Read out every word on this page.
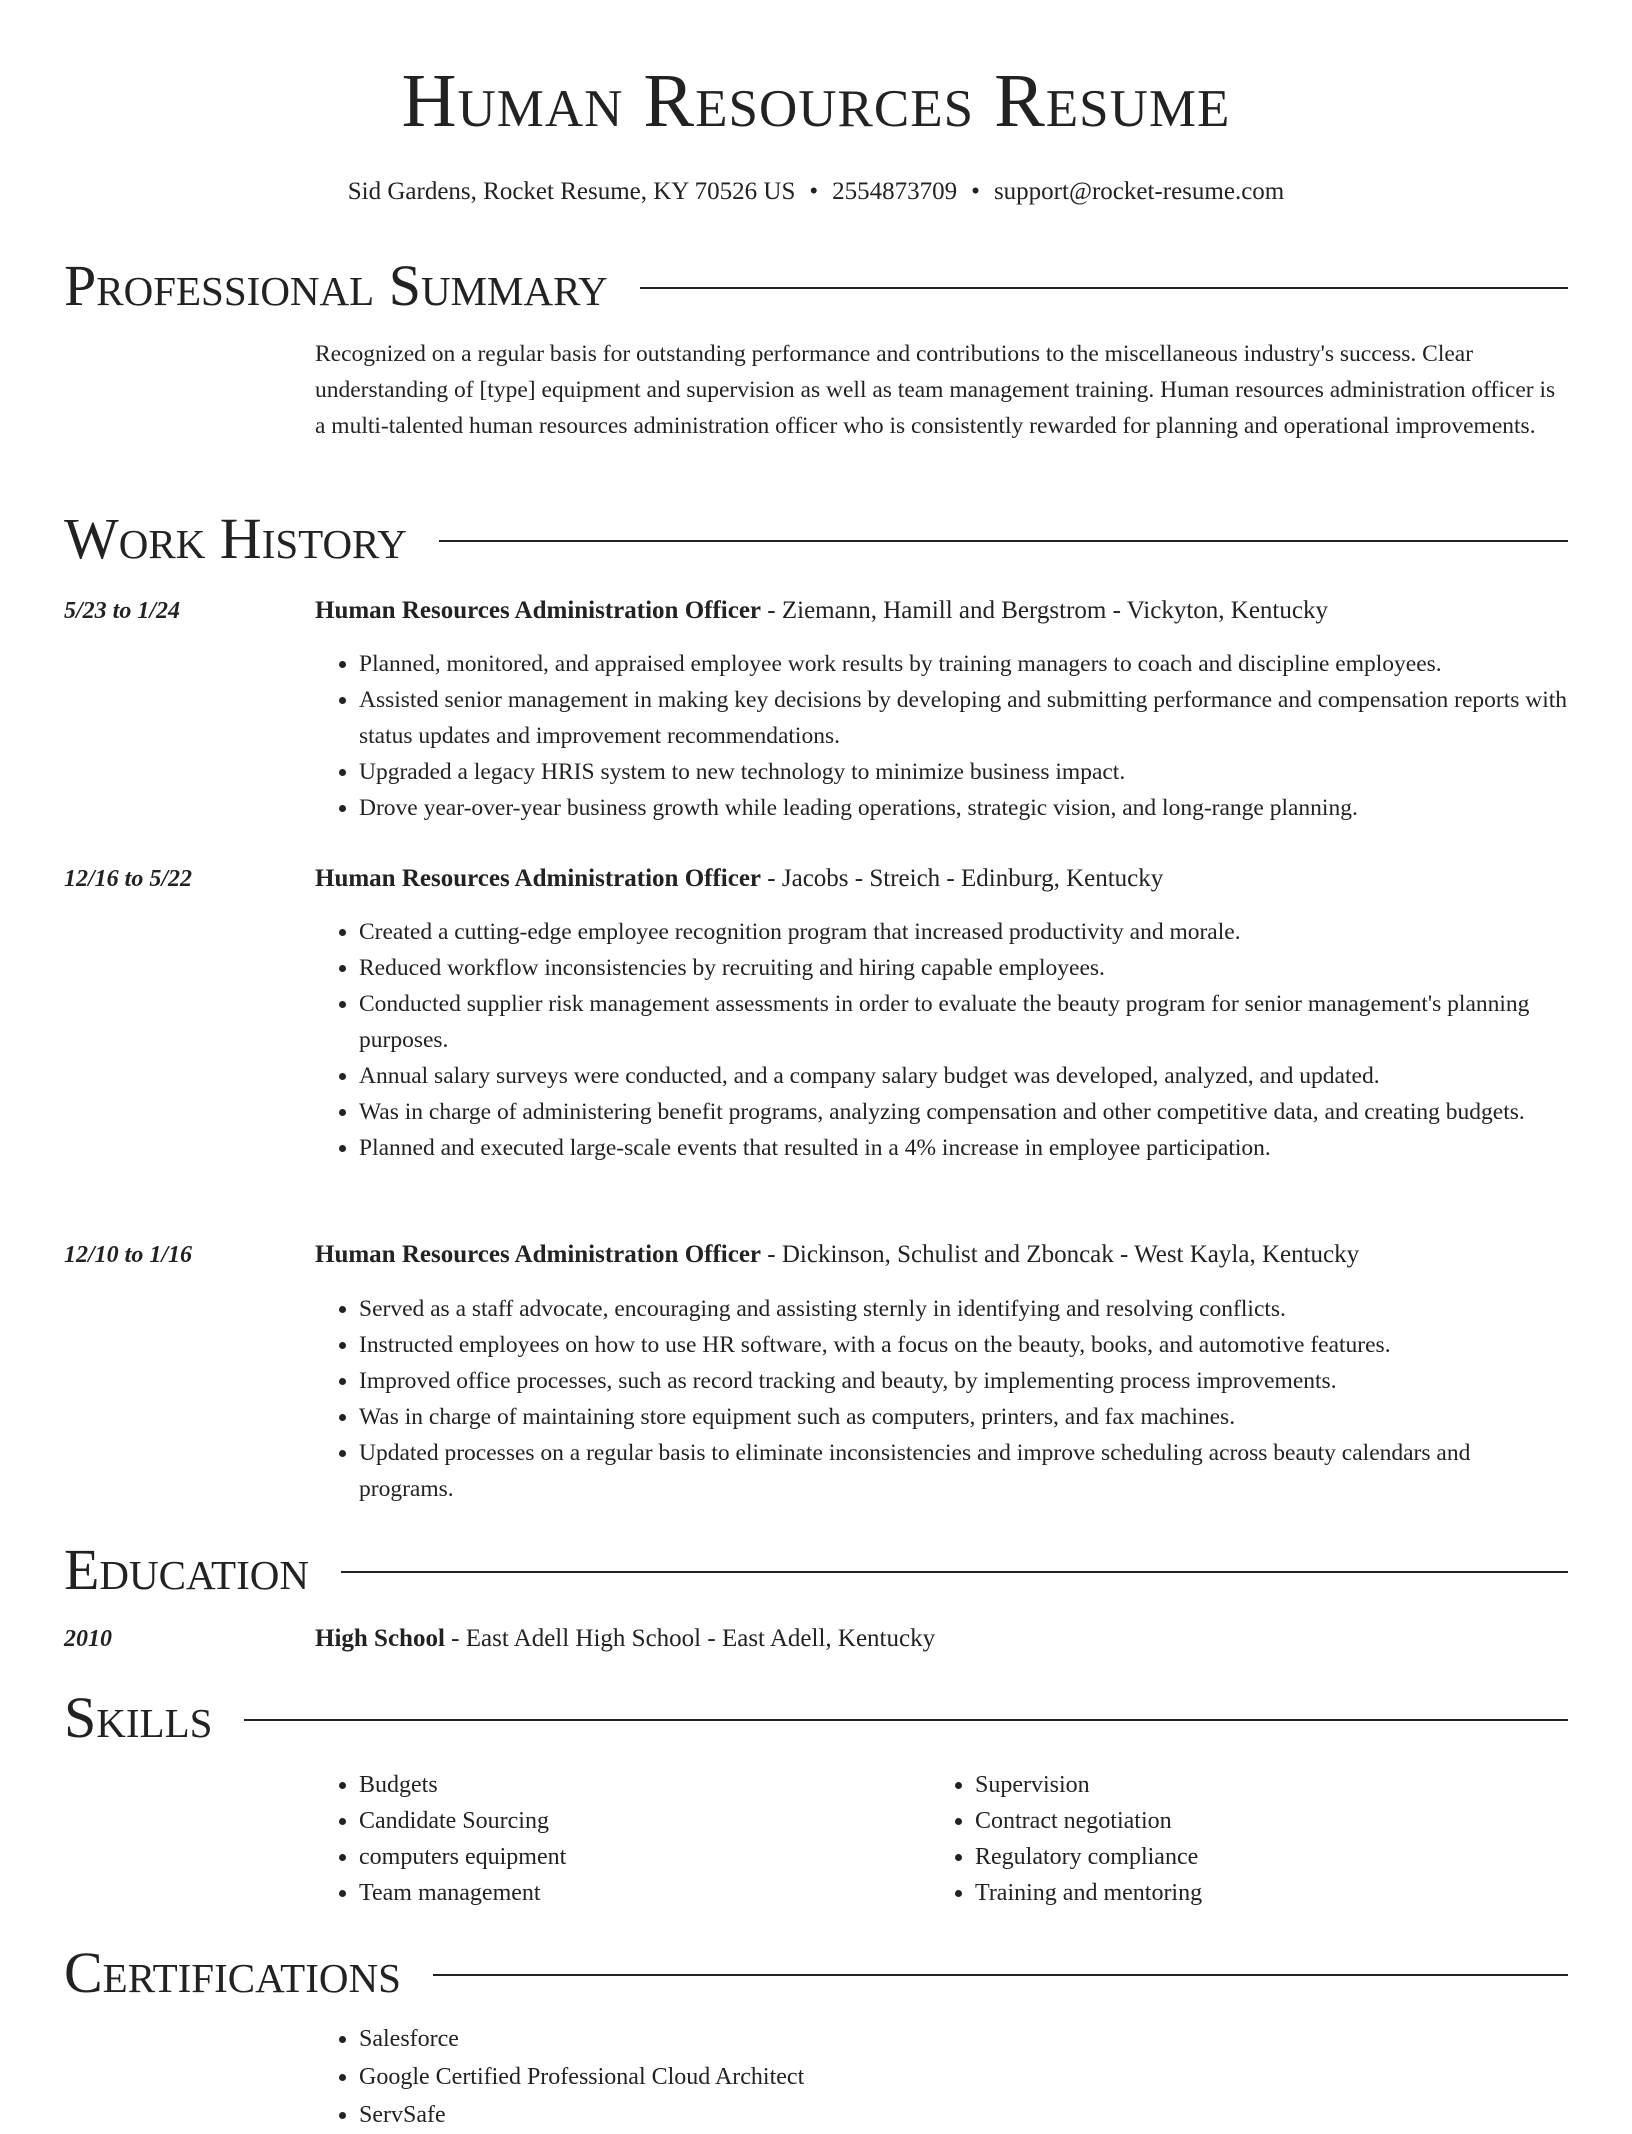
Human Resources Resume
Sid Gardens, Rocket Resume, KY 70526 US • 2554873709 • support@rocket-resume.com
Professional Summary

Recognized on a regular basis for outstanding performance and contributions to the miscellaneous industry's success. Clear understanding of [type] equipment and supervision as well as team management training. Human resources administration officer is a multi-talented human resources administration officer who is consistently rewarded for planning and operational improvements.

Work History
5/23 to 1/24	Human Resources Administration Officer - Ziemann, Hamill and Bergstrom - Vickyton, Kentucky
• Planned, monitored, and appraised employee work results by training managers to coach and discipline employees.
• Assisted senior management in making key decisions by developing and submitting performance and compensation reports with status updates and improvement recommendations.
• Upgraded a legacy HRIS system to new technology to minimize business impact.
• Drove year-over-year business growth while leading operations, strategic vision, and long-range planning.
12/16 to 5/22	Human Resources Administration Officer - Jacobs - Streich - Edinburg, Kentucky
• Created a cutting-edge employee recognition program that increased productivity and morale.
• Reduced workflow inconsistencies by recruiting and hiring capable employees.
• Conducted supplier risk management assessments in order to evaluate the beauty program for senior management's planning purposes.
• Annual salary surveys were conducted, and a company salary budget was developed, analyzed, and updated.
• Was in charge of administering benefit programs, analyzing compensation and other competitive data, and creating budgets.
• Planned and executed large-scale events that resulted in a 4% increase in employee participation.
12/10 to 1/16	Human Resources Administration Officer - Dickinson, Schulist and Zboncak - West Kayla, Kentucky
• Served as a staff advocate, encouraging and assisting sternly in identifying and resolving conflicts.
• Instructed employees on how to use HR software, with a focus on the beauty, books, and automotive features.
• Improved office processes, such as record tracking and beauty, by implementing process improvements.
• Was in charge of maintaining store equipment such as computers, printers, and fax machines.
• Updated processes on a regular basis to eliminate inconsistencies and improve scheduling across beauty calendars and programs.
Education
2010	High School - East Adell High School - East Adell, Kentucky
Skills
• Budgets
• Candidate Sourcing
• computers equipment
• Team management
• Supervision
• Contract negotiation
• Regulatory compliance
• Training and mentoring
Certifications
• Salesforce
• Google Certified Professional Cloud Architect
• ServSafe
